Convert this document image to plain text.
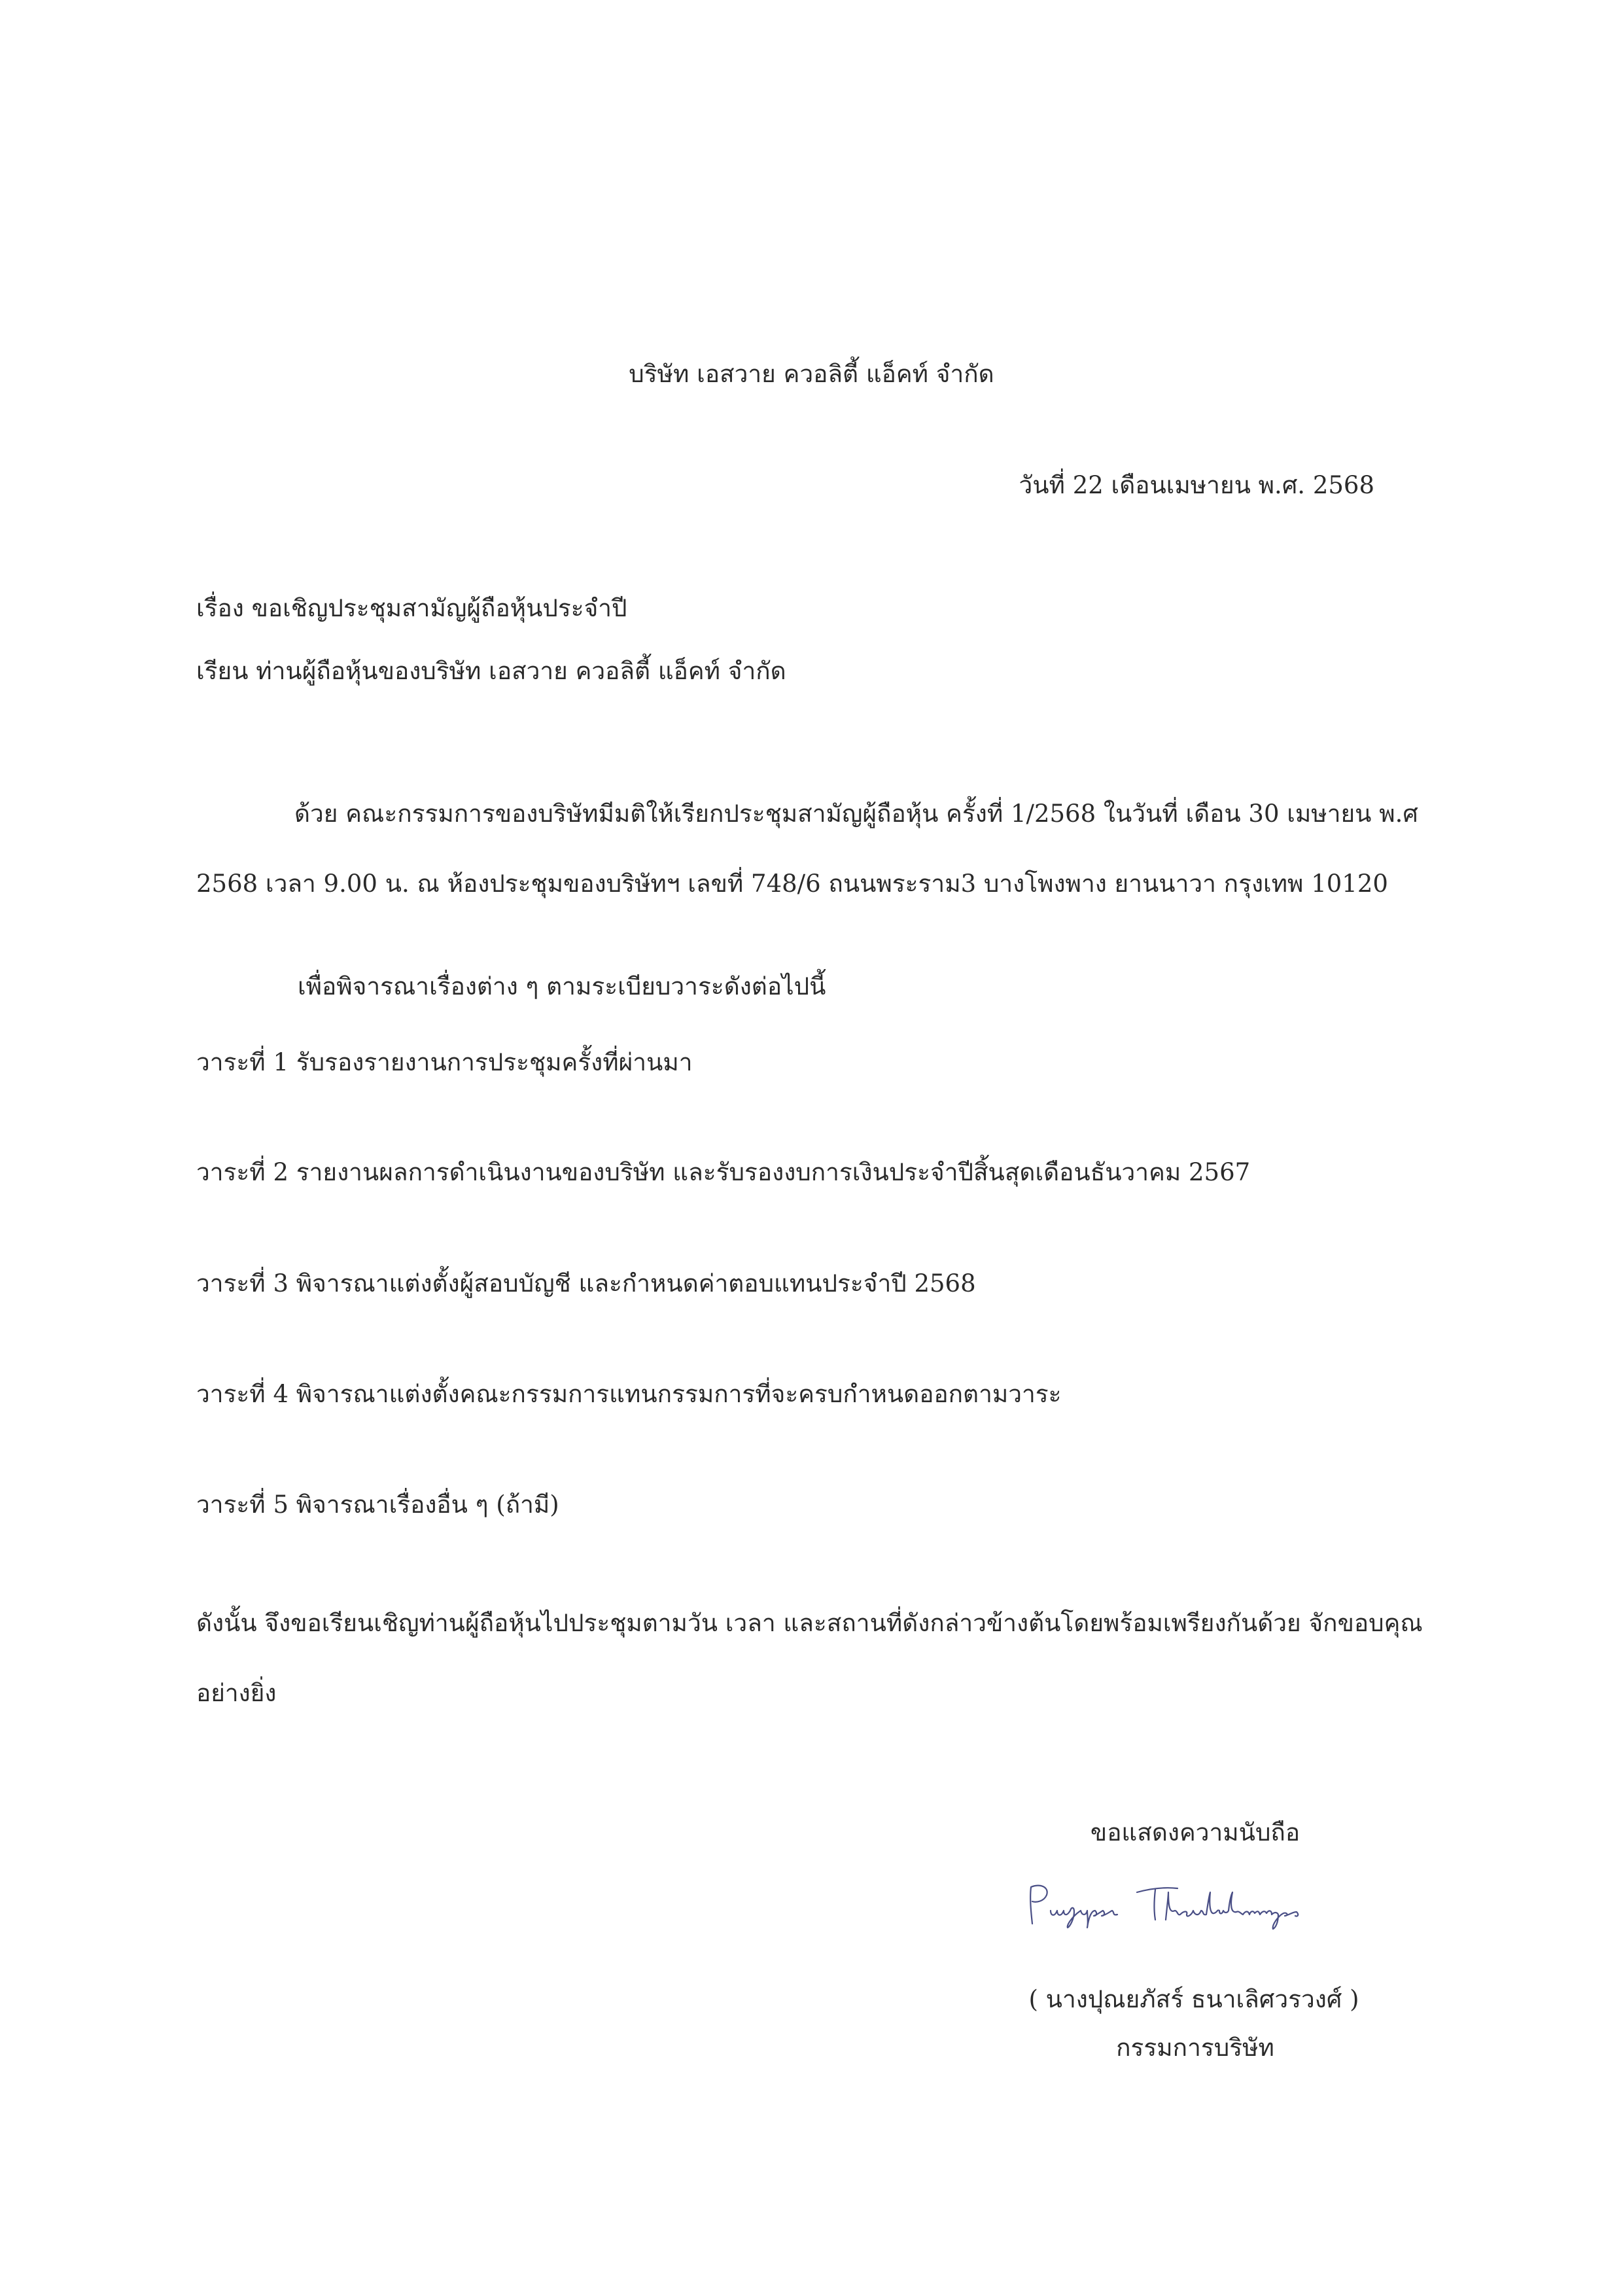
บริษัท เอสวาย ควอลิตี้ แอ็คท์ จำกัด
วันที่ 22 เดือนเมษายน พ.ศ. 2568
เรื่อง ขอเชิญประชุมสามัญผู้ถือหุ้นประจำปี
เรียน ท่านผู้ถือหุ้นของบริษัท เอสวาย ควอลิตี้ แอ็คท์ จำกัด
ด้วย คณะกรรมการของบริษัทมีมติให้เรียกประชุมสามัญผู้ถือหุ้น ครั้งที่ 1/2568 ในวันที่ เดือน 30 เมษายน พ.ศ 2568 เวลา 9.00 น. ณ ห้องประชุมของบริษัทฯ เลขที่ 748/6 ถนนพระราม3 บางโพงพาง ยานนาวา กรุงเทพ 10120
เพื่อพิจารณาเรื่องต่าง ๆ ตามระเบียบวาระดังต่อไปนี้
วาระที่ 1 รับรองรายงานการประชุมครั้งที่ผ่านมา
วาระที่ 2 รายงานผลการดำเนินงานของบริษัท และรับรองงบการเงินประจำปีสิ้นสุดเดือนธันวาคม 2567
วาระที่ 3 พิจารณาแต่งตั้งผู้สอบบัญชี และกำหนดค่าตอบแทนประจำปี 2568
วาระที่ 4 พิจารณาแต่งตั้งคณะกรรมการแทนกรรมการที่จะครบกำหนดออกตามวาระ
วาระที่ 5 พิจารณาเรื่องอื่น ๆ (ถ้ามี)
ดังนั้น จึงขอเรียนเชิญท่านผู้ถือหุ้นไปประชุมตามวัน เวลา และสถานที่ดังกล่าวข้างต้นโดยพร้อมเพรียงกันด้วย จักขอบคุณอย่างยิ่ง
ขอแสดงความนับถือ
( นางปุณยภัสร์ ธนาเลิศวรวงศ์ )
กรรมการบริษัท
